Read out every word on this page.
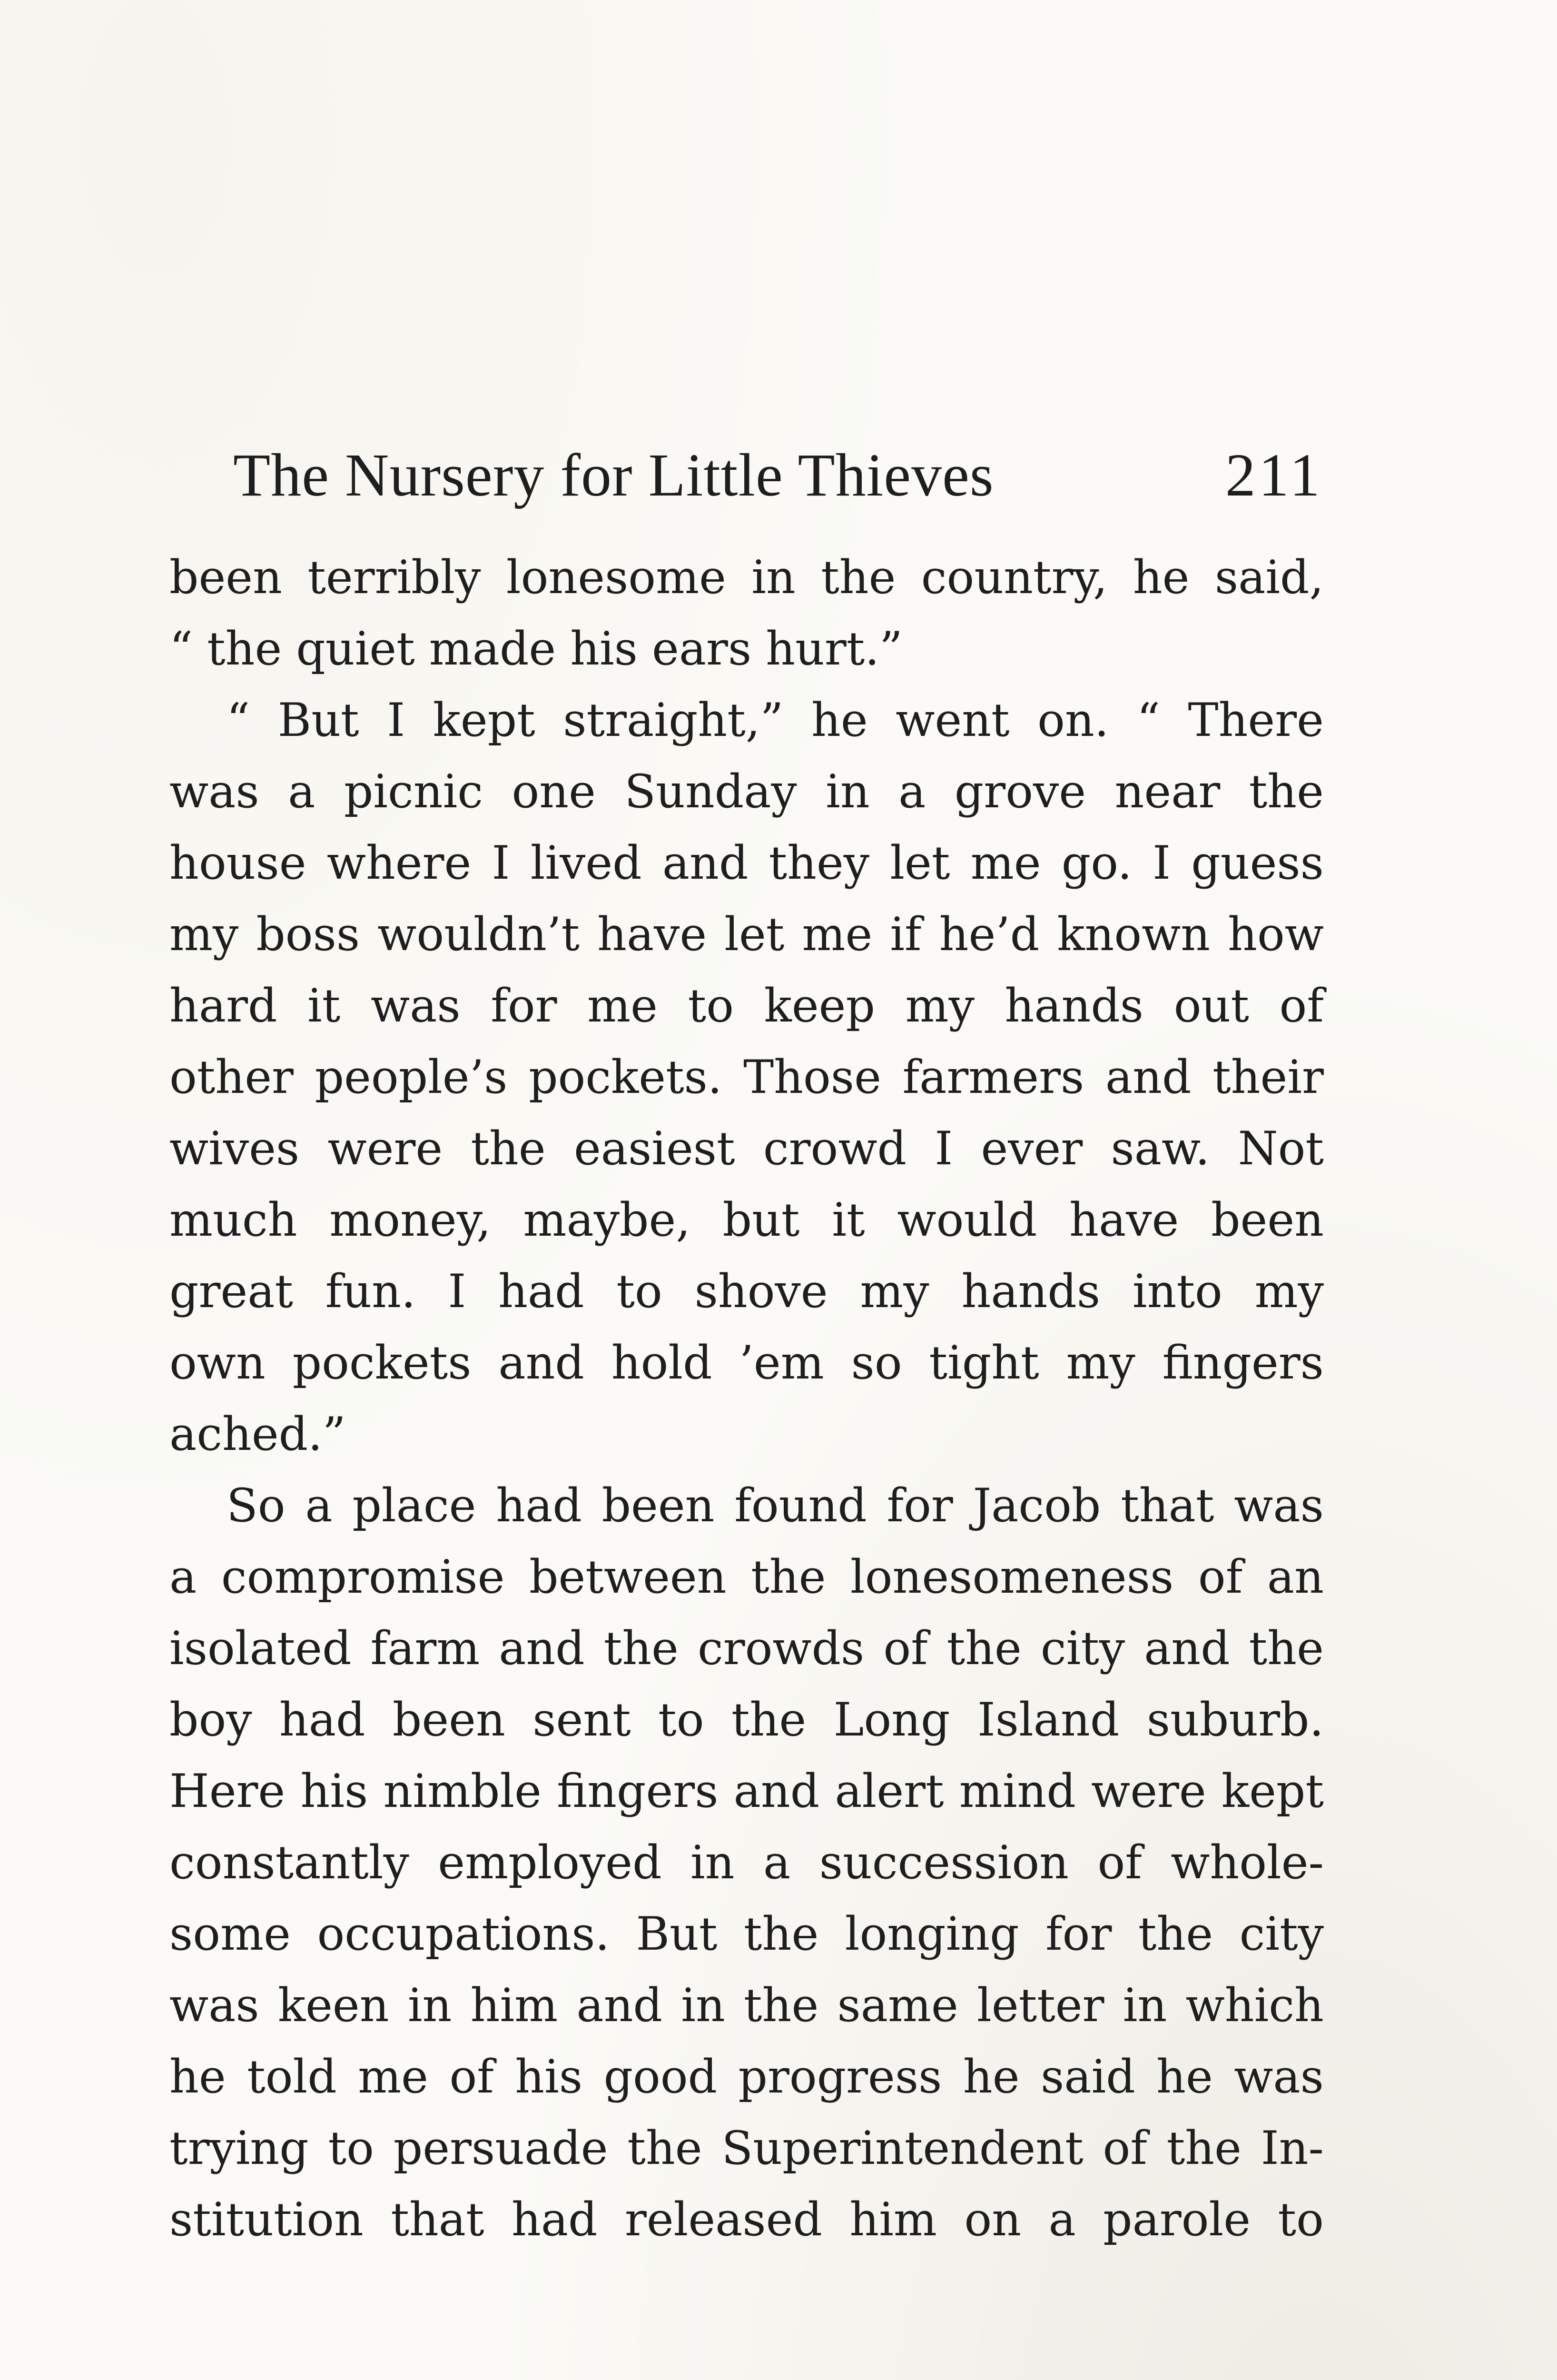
The Nursery for Little Thieves	211
been terribly lonesome in the country, he said,
“ the quiet made his ears hurt.”
“ But I kept straight,” he went on. “ There
was a picnic one Sunday in a grove near the
house where I lived and they let me go. I guess
my boss wouldn’t have let me if he’d known how
hard it was for me to keep my hands out of
other people’s pockets. Those farmers and their
wives were the easiest crowd I ever saw. Not
much money, maybe, but it would have been
great fun. I had to shove my hands into my
own pockets and hold ’em so tight my fingers
ached.”
So a place had been found for Jacob that was
a compromise between the lonesomeness of an
isolated farm and the crowds of the city and the
boy had been sent to the Long Island suburb.
Here his nimble fingers and alert mind were kept
constantly employed in a succession of whole-
some occupations. But the longing for the city
was keen in him and in the same letter in which
he told me of his good progress he said he was
trying to persuade the Superintendent of the In-
stitution that had released him on a parole to
